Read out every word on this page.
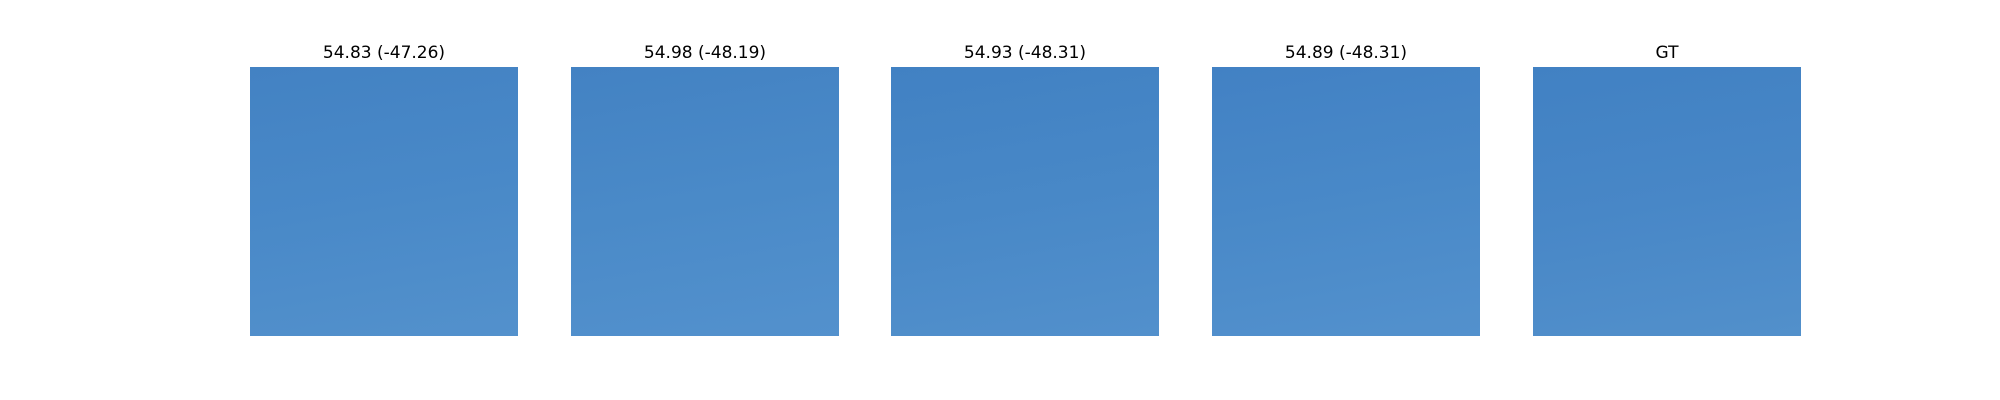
54.83 (-47.26)	54.98 (-48.19)	54.93 (-48.31)	54.89 (-48.31)	GT
